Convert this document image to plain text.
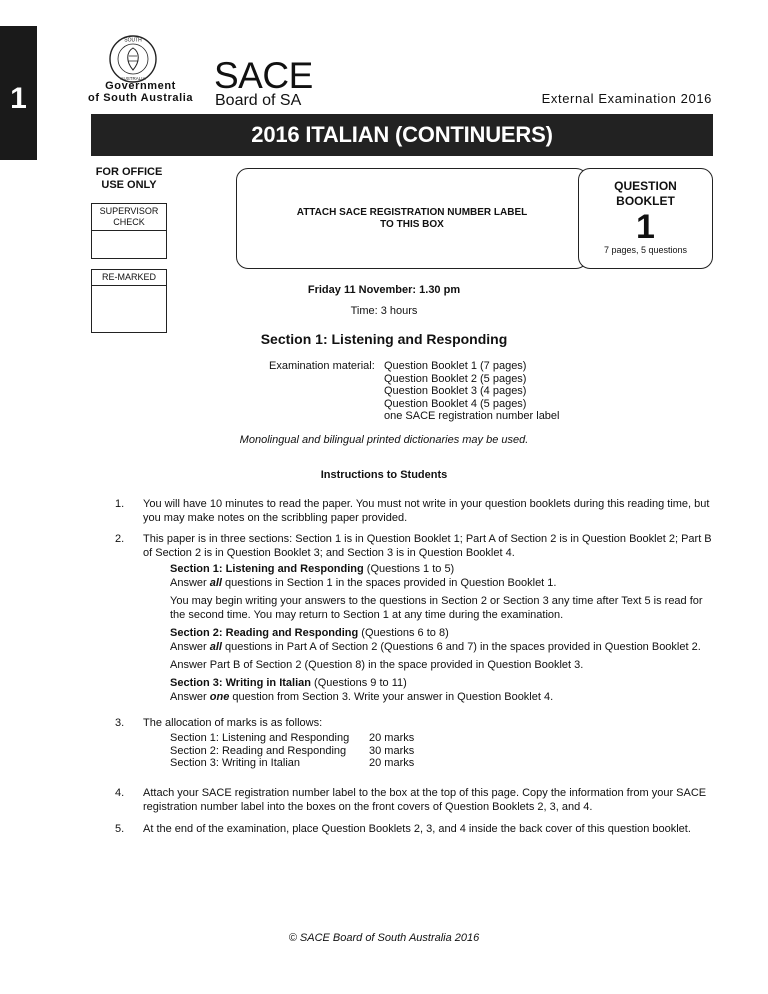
1
SOUTH
AUSTRALIA
Government
of South Australia
SACE
Board of SA	External Examination 2016
2016 ITALIAN (CONTINUERS)
FOR OFFICE
USE ONLY
SUPERVISOR
CHECK
RE-MARKED
ATTACH SACE REGISTRATION NUMBER LABEL
TO THIS BOX
QUESTION
BOOKLET
1
7 pages, 5 questions
Friday 11 November: 1.30 pm
Time: 3 hours
Section 1: Listening and Responding
Examination material: Question Booklet 1 (7 pages)
Question Booklet 2 (5 pages)
Question Booklet 3 (4 pages)
Question Booklet 4 (5 pages)
one SACE registration number label
Monolingual and bilingual printed dictionaries may be used.
Instructions to Students
1. You will have 10 minutes to read the paper. You must not write in your question booklets during this reading time, but you may make notes on the scribbling paper provided.
2. This paper is in three sections: Section 1 is in Question Booklet 1; Part A of Section 2 is in Question Booklet 2; Part B of Section 2 is in Question Booklet 3; and Section 3 is in Question Booklet 4.

Section 1: Listening and Responding (Questions 1 to 5)
Answer all questions in Section 1 in the spaces provided in Question Booklet 1.

You may begin writing your answers to the questions in Section 2 or Section 3 any time after Text 5 is read for the second time. You may return to Section 1 at any time during the examination.

Section 2: Reading and Responding (Questions 6 to 8)
Answer all questions in Part A of Section 2 (Questions 6 and 7) in the spaces provided in Question Booklet 2.

Answer Part B of Section 2 (Question 8) in the space provided in Question Booklet 3.

Section 3: Writing in Italian (Questions 9 to 11)
Answer one question from Section 3. Write your answer in Question Booklet 4.

3. The allocation of marks is as follows:
Section 1: Listening and Responding 20 marks
Section 2: Reading and Responding 30 marks
Section 3: Writing in Italian	20 marks
4. Attach your SACE registration number label to the box at the top of this page. Copy the information from your SACE registration number label into the boxes on the front covers of Question Booklets 2, 3, and 4.
5. At the end of the examination, place Question Booklets 2, 3, and 4 inside the back cover of this question booklet.
© SACE Board of South Australia 2016
